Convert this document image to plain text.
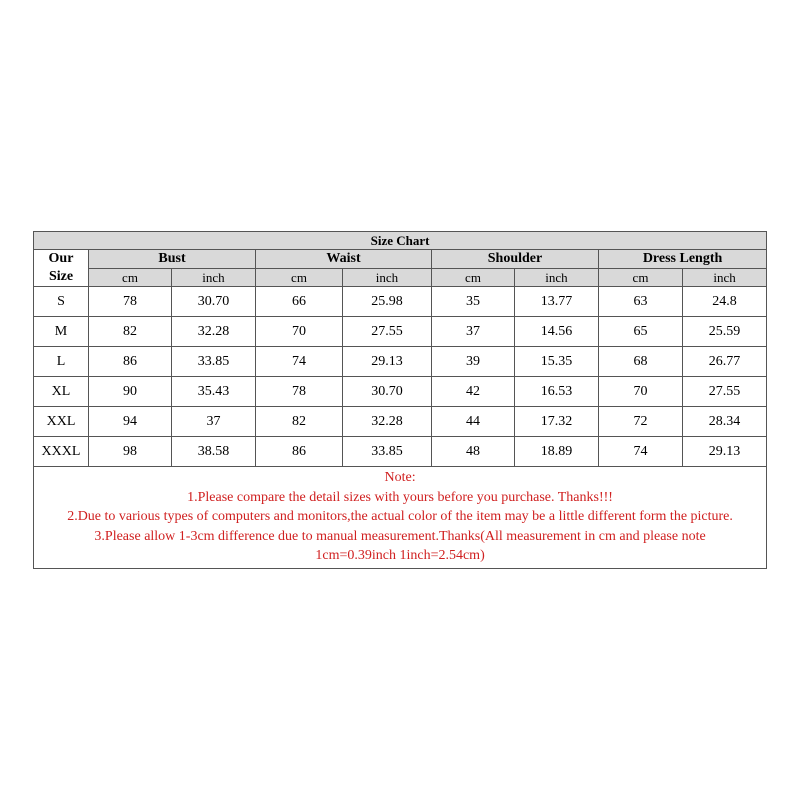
Size Chart								

Our
Size	Bust		Waist		Shoulder		Dress Length	
	cm	inch	cm	inch	cm	inch	cm	inch
S	78	30.70	66	25.98	35	13.77	63	24.8
M	82	32.28	70	27.55	37	14.56	65	25.59
L	86	33.85	74	29.13	39	15.35	68	26.77
XL	90	35.43	78	30.70	42	16.53	70	27.55
XXL	94	37	82	32.28	44	17.32	72	28.34
XXXL	98	38.58	86	33.85	48	18.89	74	29.13

Note:
1.Please compare the detail sizes with yours before you purchase. Thanks!!!
2.Due to various types of computers and monitors,the actual color of the item may be a little different form the picture.
3.Please allow 1-3cm difference due to manual measurement.Thanks(All measurement in cm and please note
1cm=0.39inch 1inch=2.54cm)								
